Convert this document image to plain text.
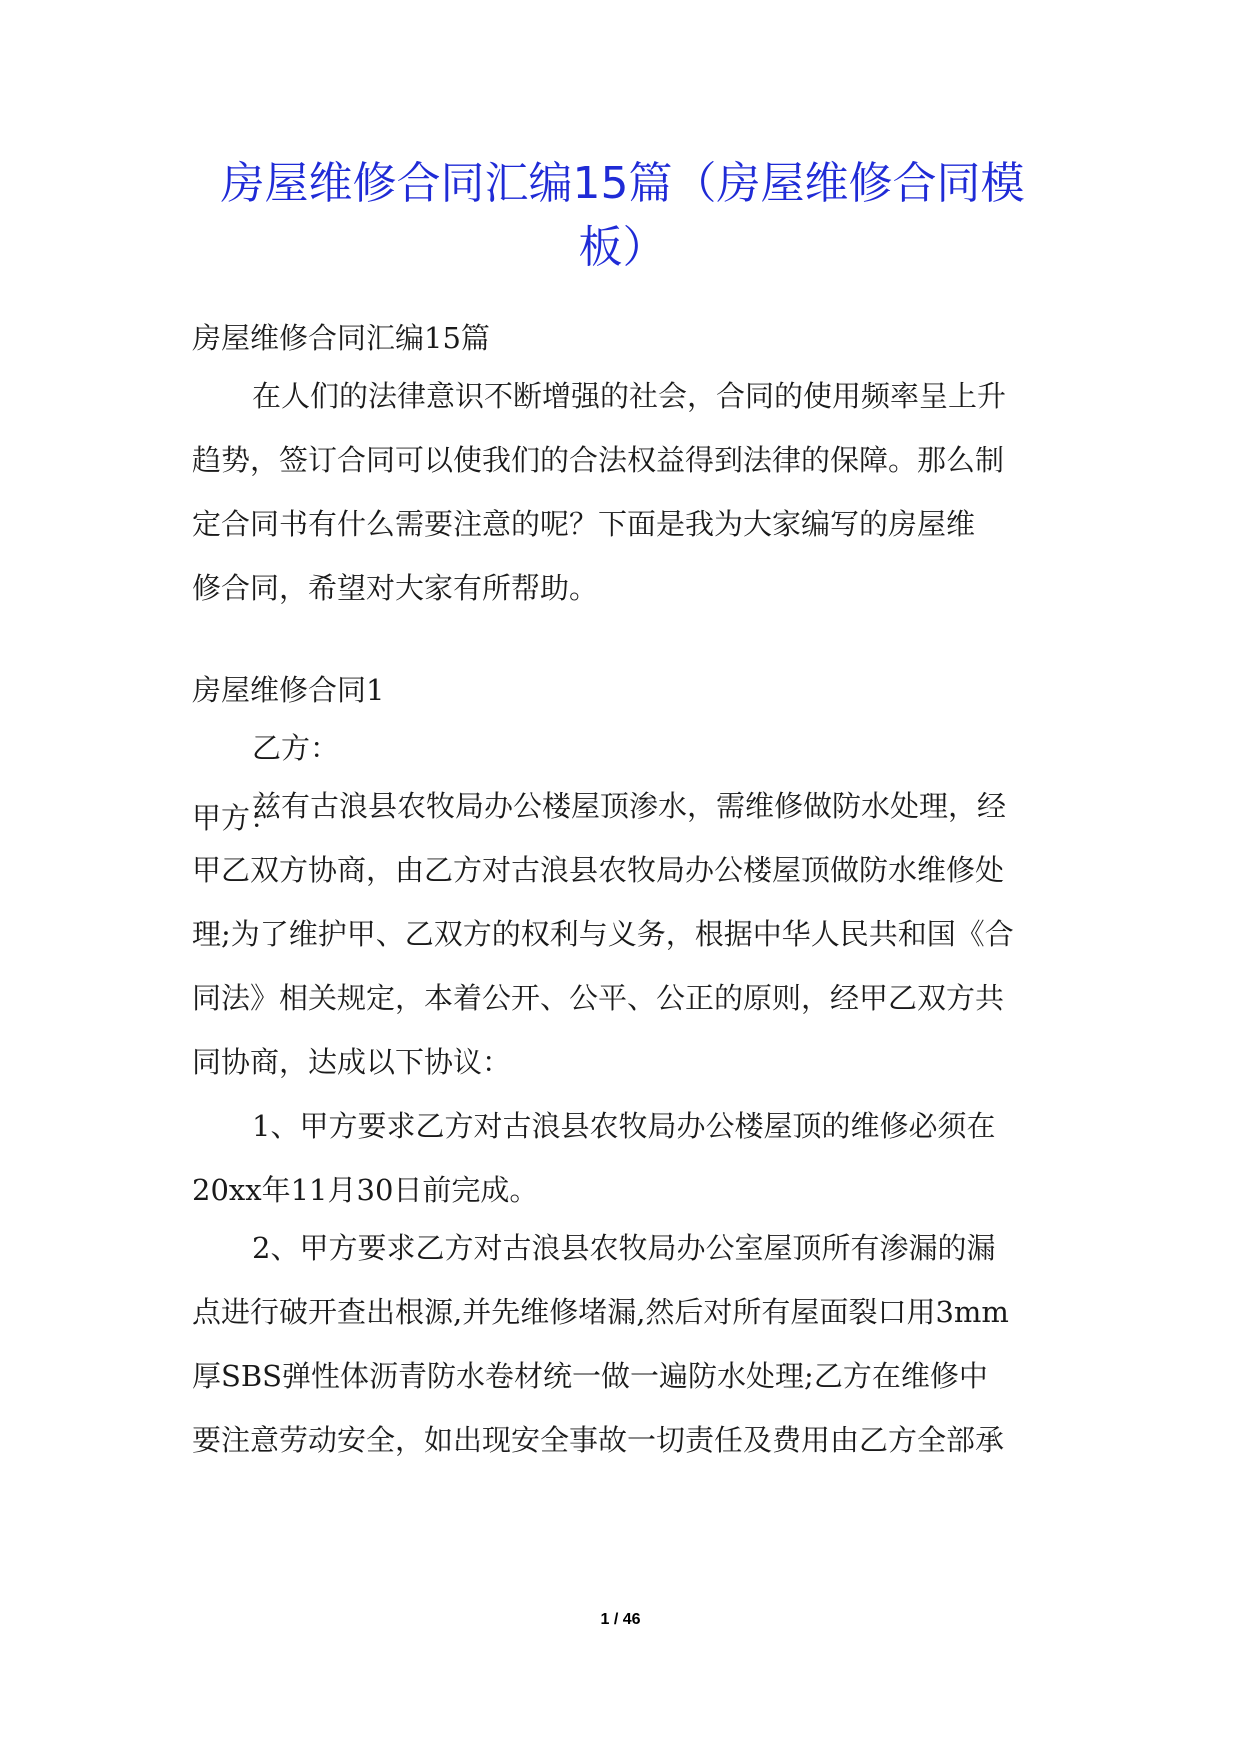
房屋维修合同汇编15篇（房屋维修合同模
板）

房屋维修合同汇编15篇

在人们的法律意识不断增强的社会，合同的使用频率呈上升
趋势，签订合同可以使我们的合法权益得到法律的保障。那么制
定合同书有什么需要注意的呢？下面是我为大家编写的房屋维
修合同，希望对大家有所帮助。

房屋维修合同1
甲方：

乙方：

兹有古浪县农牧局办公楼屋顶渗水，需维修做防水处理，经
甲乙双方协商，由乙方对古浪县农牧局办公楼屋顶做防水维修处
理;为了维护甲、乙双方的权利与义务，根据中华人民共和国《合
同法》相关规定，本着公开、公平、公正的原则，经甲乙双方共
同协商，达成以下协议：

1、甲方要求乙方对古浪县农牧局办公楼屋顶的维修必须在
20xx年11月30日前完成。

2、甲方要求乙方对古浪县农牧局办公室屋顶所有渗漏的漏
点进行破开查出根源,并先维修堵漏,然后对所有屋面裂口用3mm
厚SBS弹性体沥青防水卷材统一做一遍防水处理;乙方在维修中
要注意劳动安全，如出现安全事故一切责任及费用由乙方全部承

1 / 46
